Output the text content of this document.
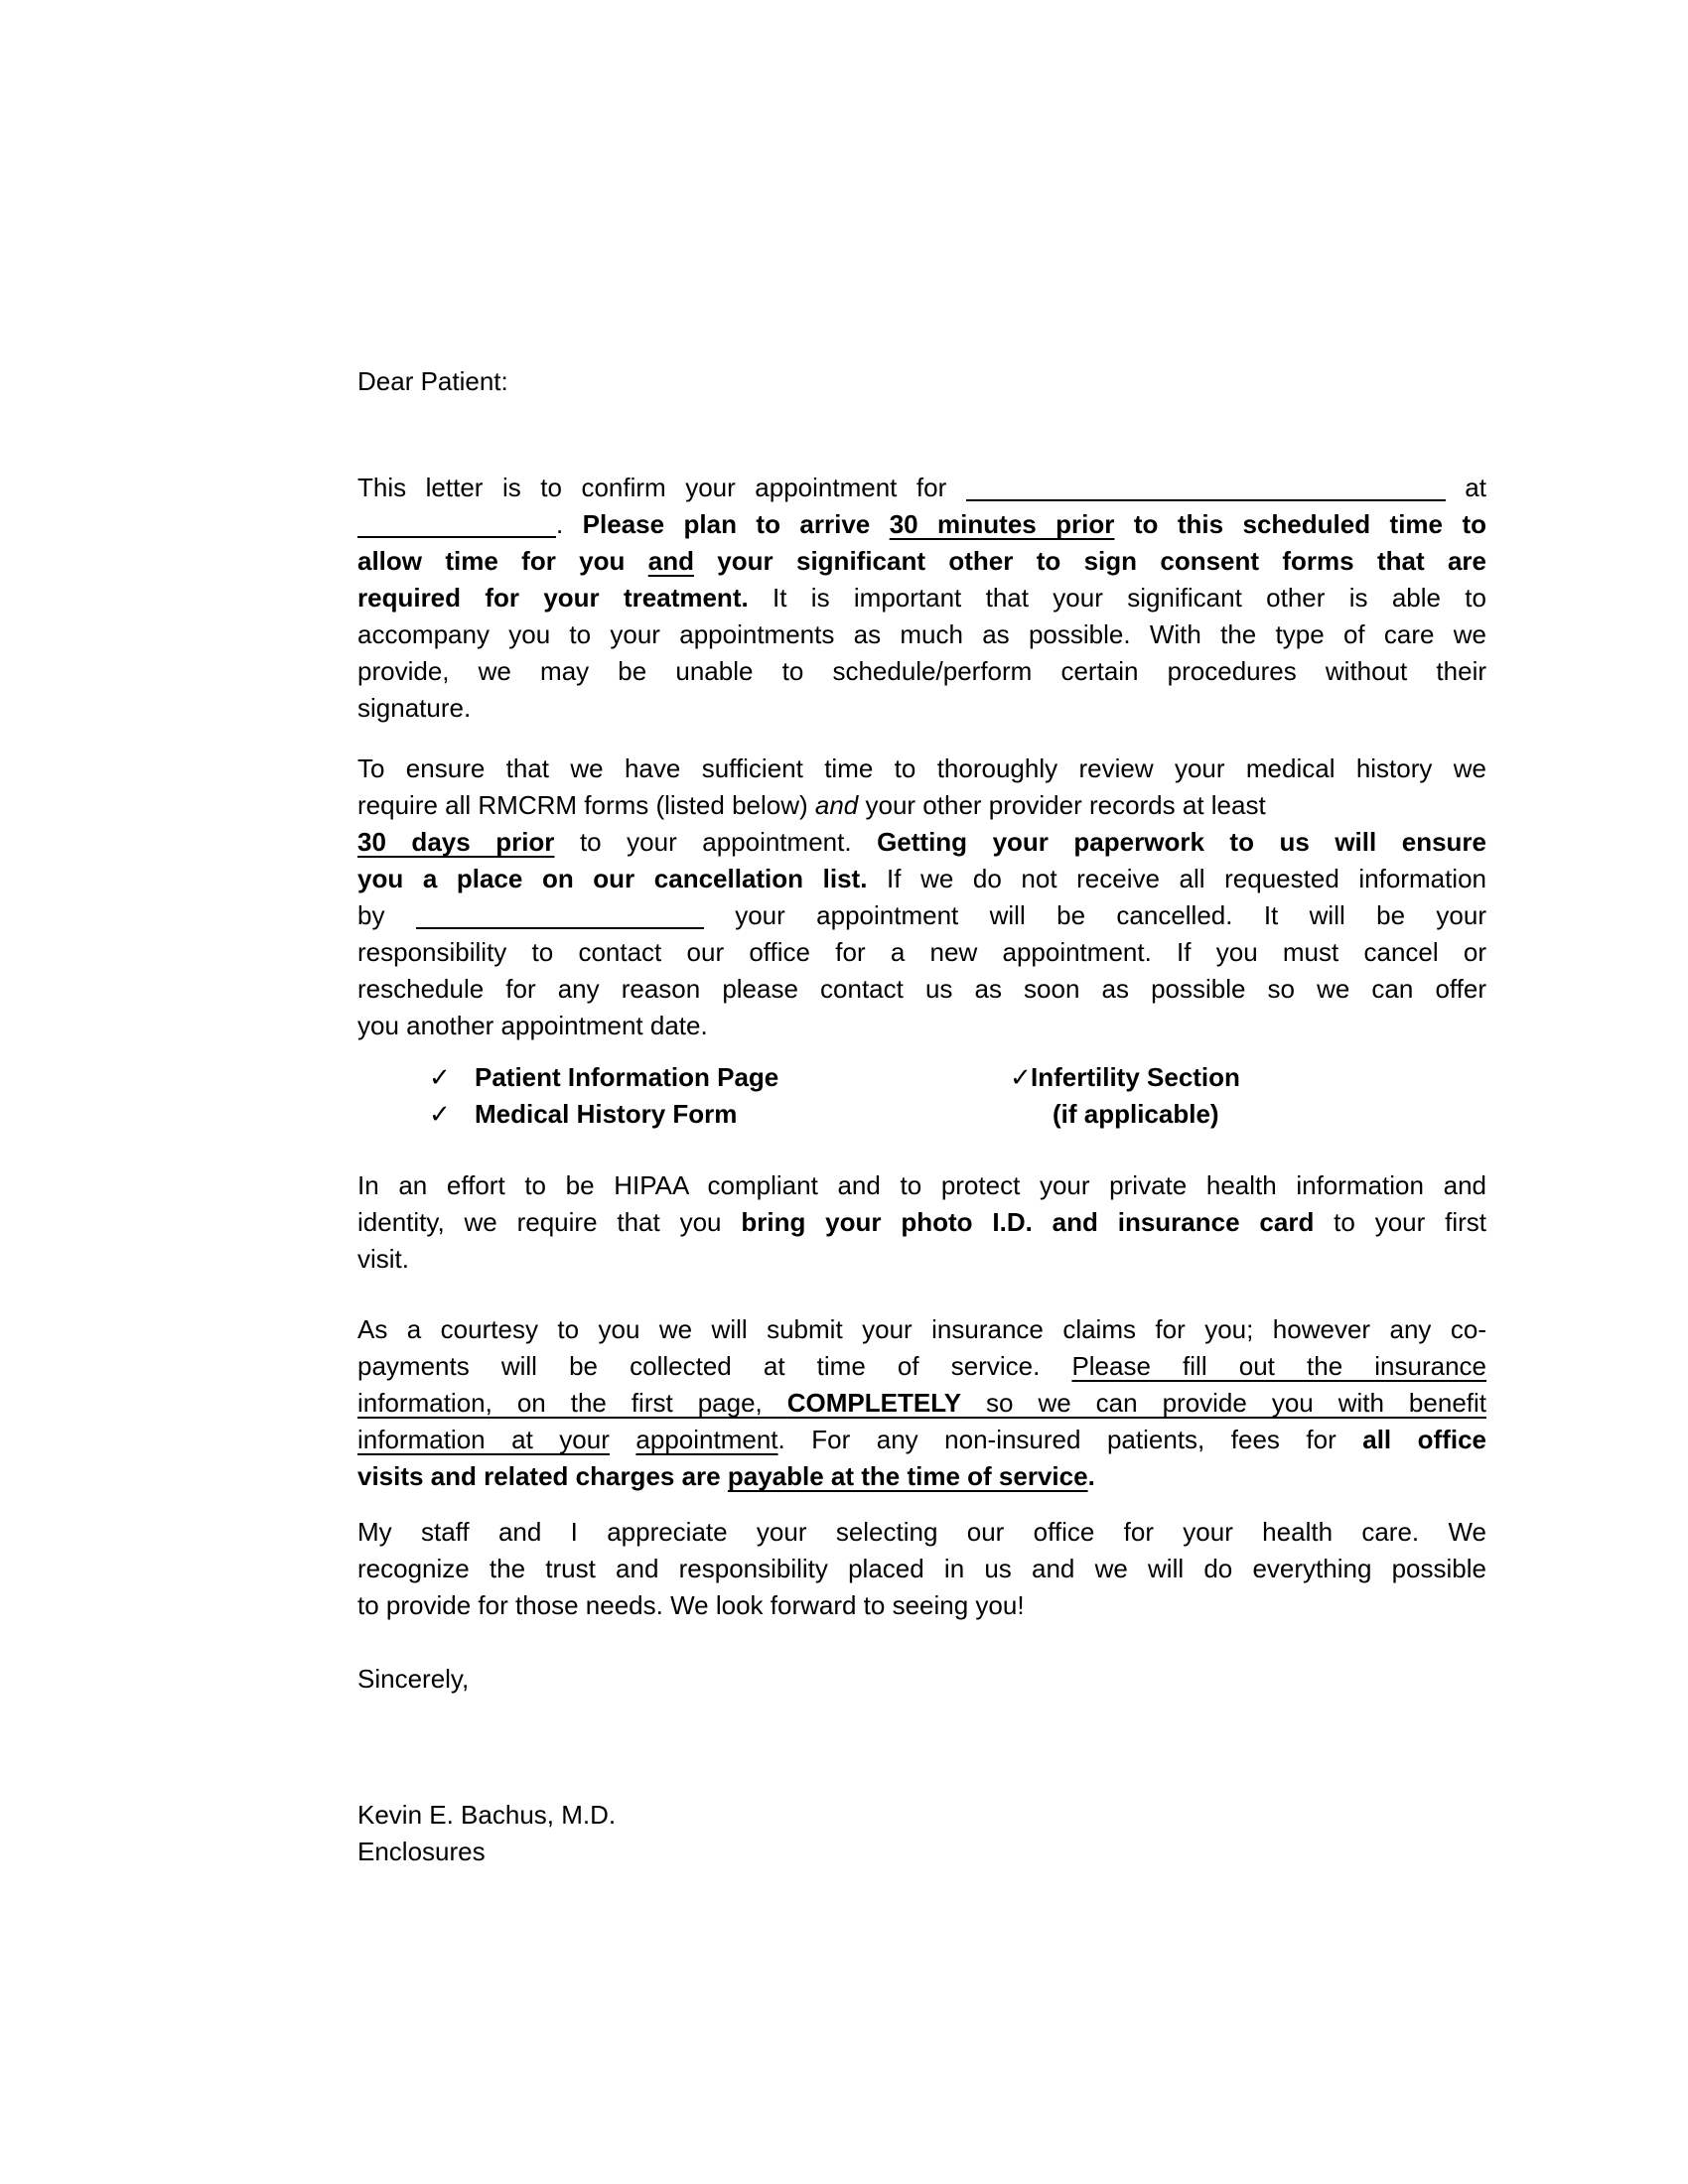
Dear Patient:
This letter is to confirm your appointment for	at
. Please plan to arrive 30 minutes prior to this scheduled time to
allow time for you and your significant other to sign consent forms that are
required for your treatment. It is important that your significant other is able to
accompany you to your appointments as much as possible. With the type of care we
provide, we may be unable to schedule/perform certain procedures without their
signature.
To ensure that we have sufficient time to thoroughly review your medical history we
require all RMCRM forms (listed below) and your other provider records at least
30 days prior to your appointment. Getting your paperwork to us will ensure
you a place on our cancellation list. If we do not receive all requested information
by	your appointment will be cancelled. It will be your
responsibility to contact our office for a new appointment. If you must cancel or
reschedule for any reason please contact us as soon as possible so we can offer
you another appointment date.
✓ Patient Information Page	✓ Infertility Section
✓ Medical History Form	(if applicable)
In an effort to be HIPAA compliant and to protect your private health information and
identity, we require that you bring your photo I.D. and insurance card to your first
visit.
As a courtesy to you we will submit your insurance claims for you; however any co-
payments will be collected at time of service. Please fill out the insurance
information, on the first page, COMPLETELY so we can provide you with benefit
information at your appointment. For any non-insured patients, fees for all office
visits and related charges are payable at the time of service.
My staff and I appreciate your selecting our office for your health care. We
recognize the trust and responsibility placed in us and we will do everything possible
to provide for those needs. We look forward to seeing you!
Sincerely,
Kevin E. Bachus, M.D.
Enclosures
